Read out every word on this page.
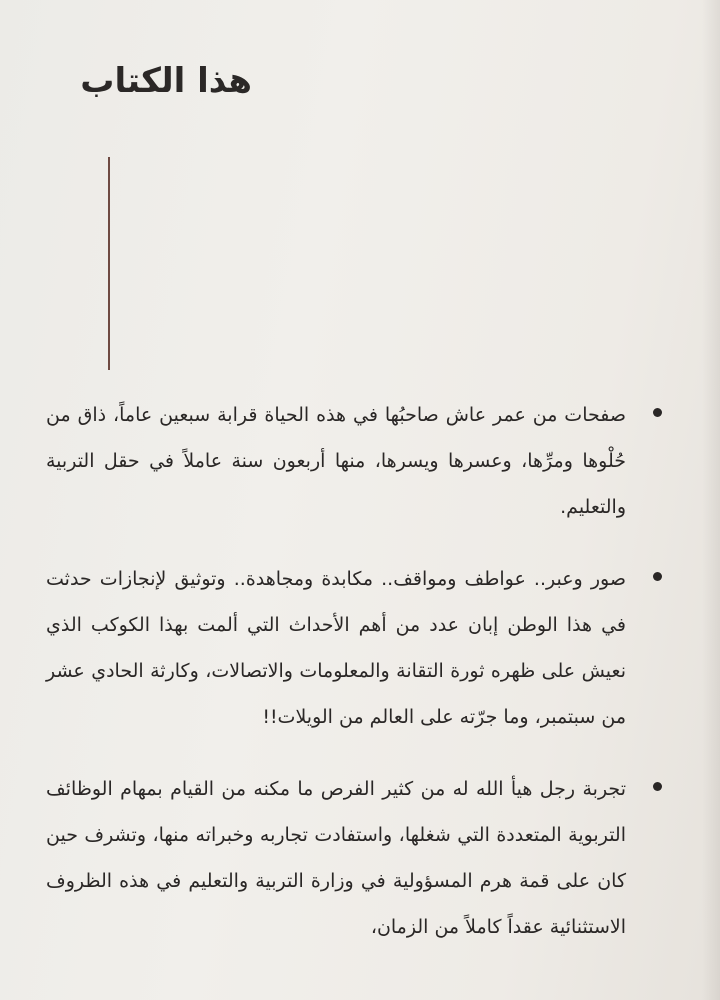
هذا الكتاب
صفحات من عمر عاش صاحبُها في هذه الحياة قرابة سبعين عاماً، ذاق من حُلْوها ومرِّها، وعسرها ويسرها، منها أربعون سنة عاملاً في حقل التربية والتعليم.
صور وعبر.. عواطف ومواقف.. مكابدة ومجاهدة.. وتوثيق لإنجازات حدثت في هذا الوطن إبان عدد من أهم الأحداث التي ألمت بهذا الكوكب الذي نعيش على ظهره ثورة التقانة والمعلومات والاتصالات، وكارثة الحادي عشر من سبتمبر، وما جرّته على العالم من الويلات!!
تجربة رجل هيأ الله له من كثير الفرص ما مكنه من القيام بمهام الوظائف التربوية المتعددة التي شغلها، واستفادت تجاربه وخبراته منها، وتشرف حين كان على قمة هرم المسؤولية في وزارة التربية والتعليم في هذه الظروف الاستثنائية عقداً كاملاً من الزمان،
